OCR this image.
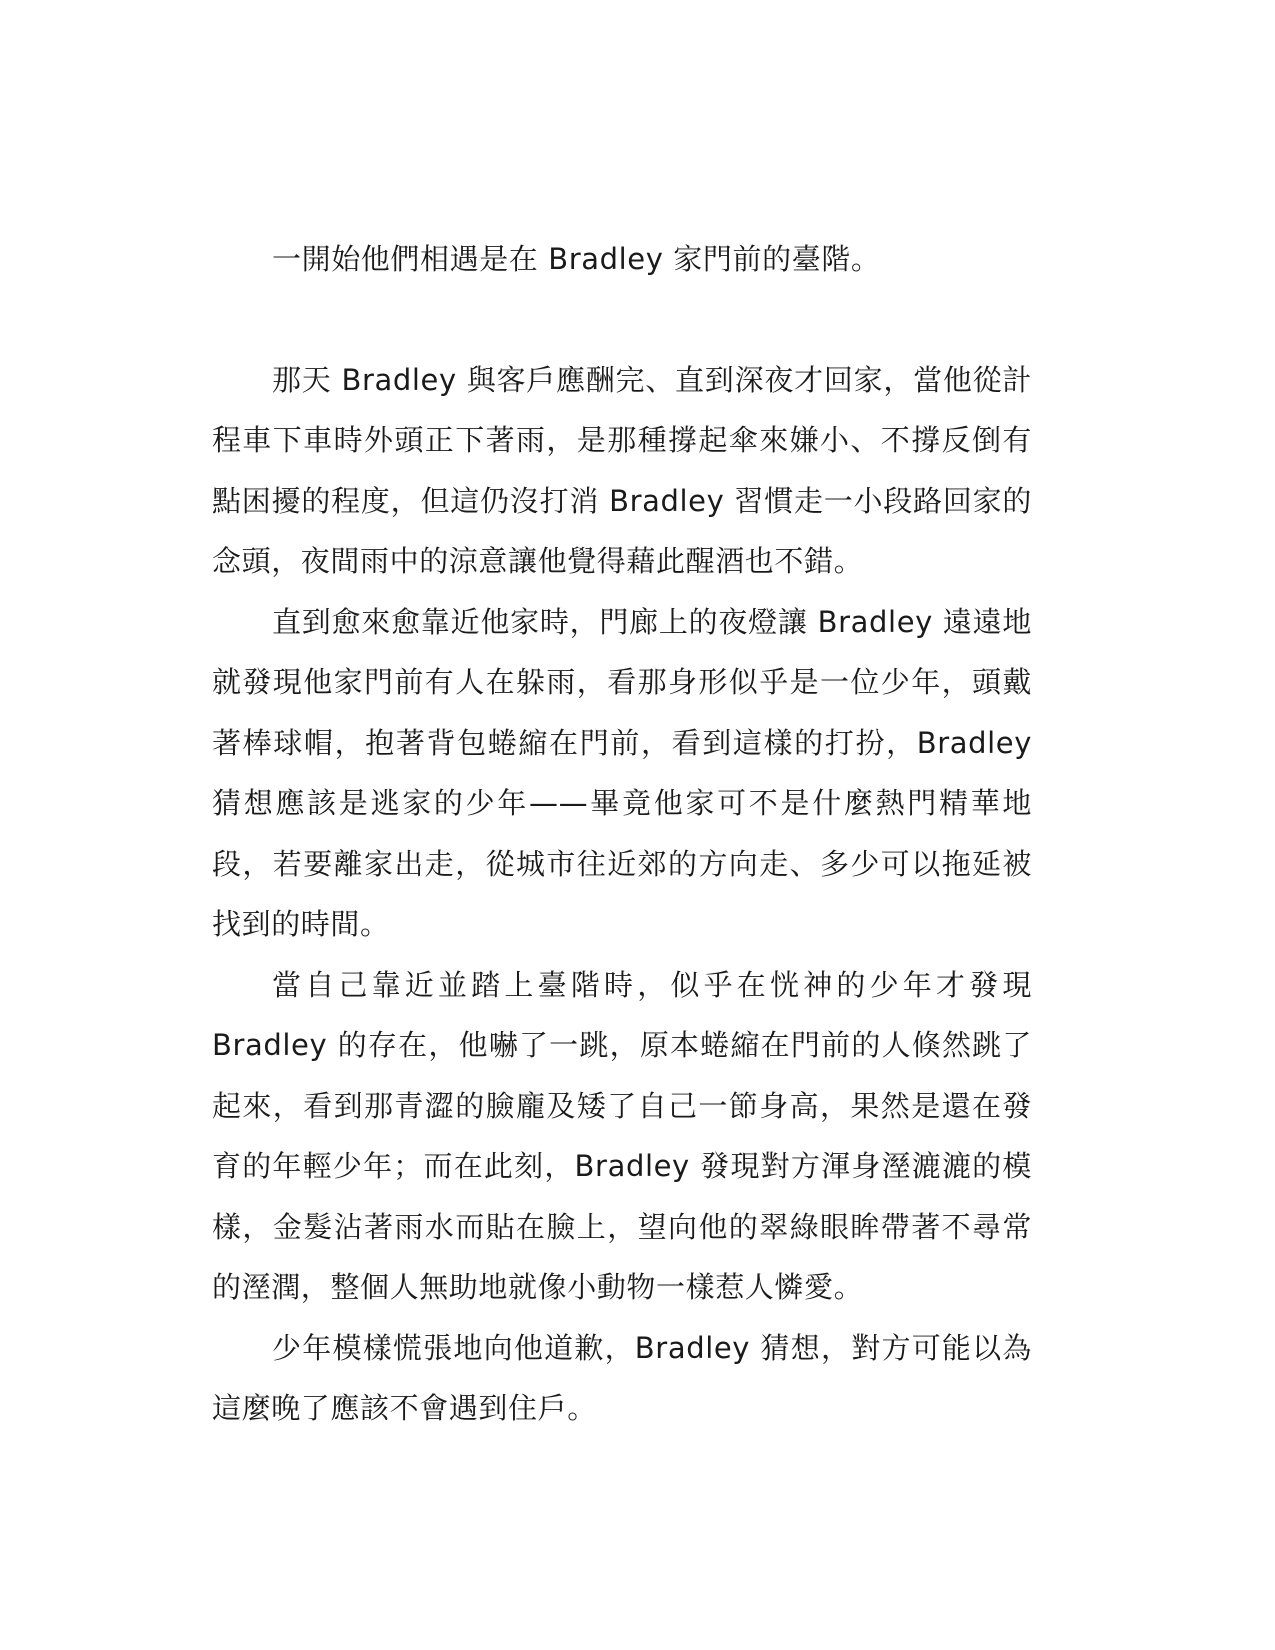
一開始他們相遇是在 Bradley 家門前的臺階。

那天 Bradley 與客戶應酬完、直到深夜才回家，當他從計程車下車時外頭正下著雨，是那種撐起傘來嫌小、不撐反倒有點困擾的程度，但這仍沒打消 Bradley 習慣走一小段路回家的念頭，夜間雨中的涼意讓他覺得藉此醒酒也不錯。

直到愈來愈靠近他家時，門廊上的夜燈讓 Bradley 遠遠地就發現他家門前有人在躲雨，看那身形似乎是一位少年，頭戴著棒球帽，抱著背包蜷縮在門前，看到這樣的打扮，Bradley 猜想應該是逃家的少年——畢竟他家可不是什麼熱門精華地段，若要離家出走，從城市往近郊的方向走、多少可以拖延被找到的時間。

當自己靠近並踏上臺階時，似乎在恍神的少年才發現 Bradley 的存在，他嚇了一跳，原本蜷縮在門前的人倏然跳了起來，看到那青澀的臉龐及矮了自己一節身高，果然是還在發育的年輕少年；而在此刻，Bradley 發現對方渾身溼漉漉的模樣，金髮沾著雨水而貼在臉上，望向他的翠綠眼眸帶著不尋常的溼潤，整個人無助地就像小動物一樣惹人憐愛。

少年模樣慌張地向他道歉，Bradley 猜想，對方可能以為這麼晚了應該不會遇到住戶。
